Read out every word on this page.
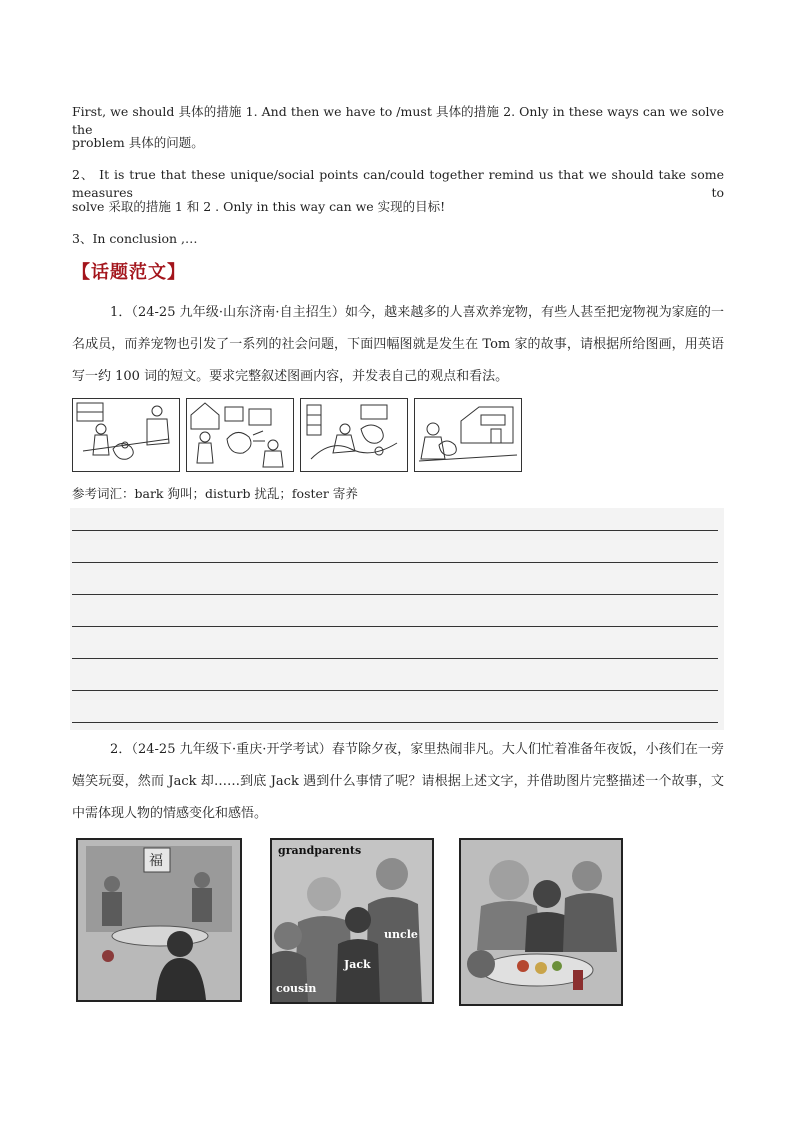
First, we should 具体的措施 1. And then we have to /must 具体的措施 2. Only in these ways can we solve the
problem 具体的问题。
2、 It is true that these unique/social points can/could together remind us that we should take some measures to
solve 采取的措施 1 和 2 . Only in this way can we 实现的目标!
3、In conclusion ,…
【话题范文】
1．（24-25 九年级·山东济南·自主招生）如今，越来越多的人喜欢养宠物，有些人甚至把宠物视为家庭的一名成员，而养宠物也引发了一系列的社会问题，下面四幅图就是发生在 Tom 家的故事，请根据所给图画，用英语写一约 100 词的短文。要求完整叙述图画内容，并发表自己的观点和看法。
参考词汇：bark 狗叫；disturb 扰乱；foster 寄养
2．（24-25 九年级下·重庆·开学考试）春节除夕夜，家里热闹非凡。大人们忙着准备年夜饭，小孩们在一旁嬉笑玩耍，然而 Jack 却……到底 Jack 遇到什么事情了呢？请根据上述文字，并借助图片完整描述一个故事，文中需体现人物的情感变化和感悟。
福
grandparents
uncle
Jack
cousin
